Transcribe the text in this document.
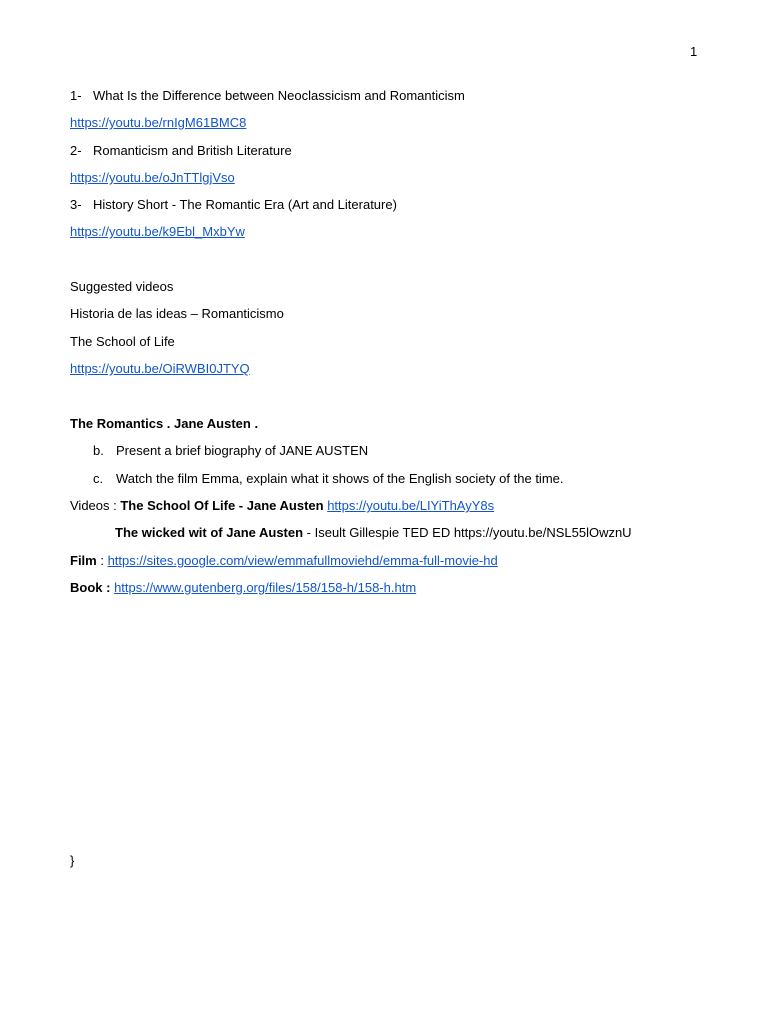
1
1- What Is the Difference between Neoclassicism and Romanticism
https://youtu.be/rnIgM61BMC8
2- Romanticism and British Literature
https://youtu.be/oJnTTlgjVso
3- History Short - The Romantic Era (Art and Literature)
https://youtu.be/k9Ebl_MxbYw
Suggested videos
Historia de las ideas – Romanticismo
The School of Life
https://youtu.be/OiRWBI0JTYQ
The Romantics . Jane Austen .
b. Present a brief biography of JANE AUSTEN
c. Watch the film Emma, explain what it shows of the English society of the time.
Videos : The School Of Life - Jane Austen https://youtu.be/LIYiThAyY8s
The wicked wit of Jane Austen - Iseult Gillespie TED ED https://youtu.be/NSL55lOwznU
Film : https://sites.google.com/view/emmafullmoviehd/emma-full-movie-hd
Book : https://www.gutenberg.org/files/158/158-h/158-h.htm
}
